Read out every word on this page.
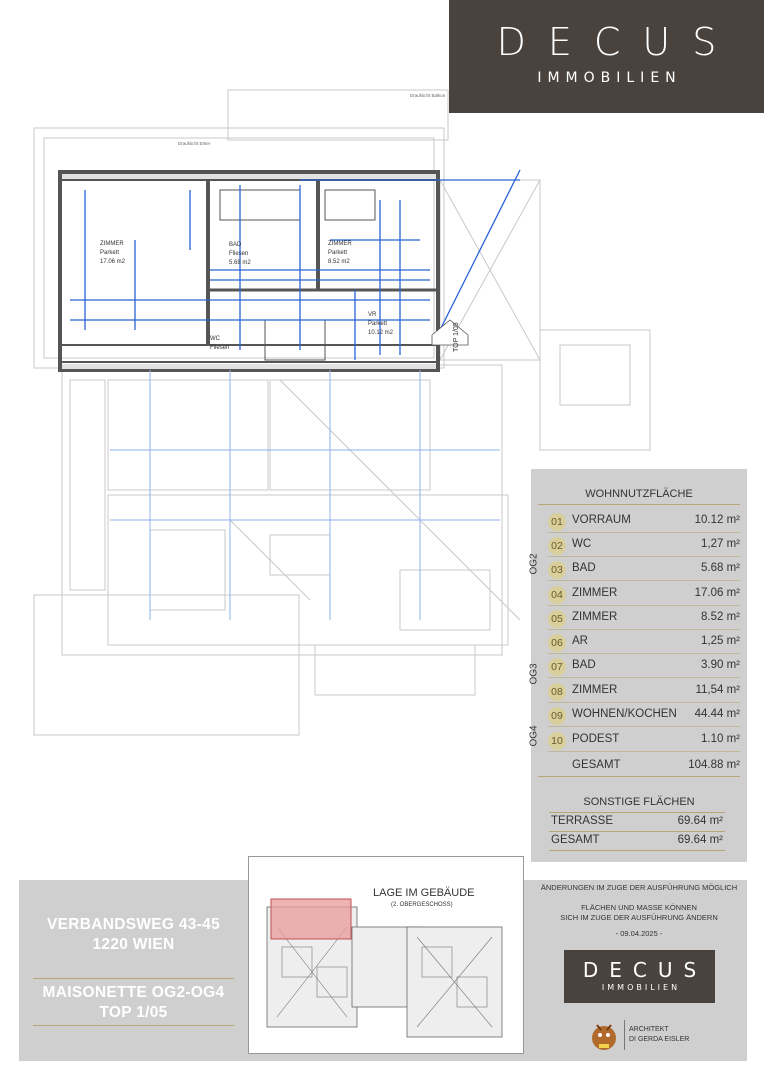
DECUS
IMMOBILIEN
ZIMMER
Parkett
17.06 m2
BAD
Fliesen
5.68 m2
ZIMMER
Parkett
8.52 m2
VR
Parkett
10.12 m2
WC
Fliesen
Draufsicht Balkon
Draufsicht Erker
TOP 1/05
WOHNNUTZFLÄCHE
OG2
OG3
OG4
01 VORRAUM	10.12 m²
02 WC	1,27 m²
03 BAD	5.68 m²
04 ZIMMER	17.06 m²
05 ZIMMER	8.52 m²
06 AR	1,25 m²
07 BAD	3.90 m²
08 ZIMMER	11,54 m²
09 WOHNEN/KOCHEN 44.44 m²
10 PODEST	1.10 m²
GESAMT	104.88 m²
SONSTIGE FLÄCHEN
TERRASSE	69.64 m²
GESAMT	69.64 m²
VERBANDSWEG 43-45
1220 WIEN
MAISONETTE OG2-OG4
TOP 1/05
LAGE IM GEBÄUDE
(2. OBERGESCHOSS)
ÄNDERUNGEN IM ZUGE DER AUSFÜHRUNG MÖGLICH
FLÄCHEN UND MASSE KÖNNEN
SICH IM ZUGE DER AUSFÜHRUNG ÄNDERN
- 09.04.2025 -
DECUS
IMMOBILIEN
ARCHITEKT
DI GERDA EISLER
